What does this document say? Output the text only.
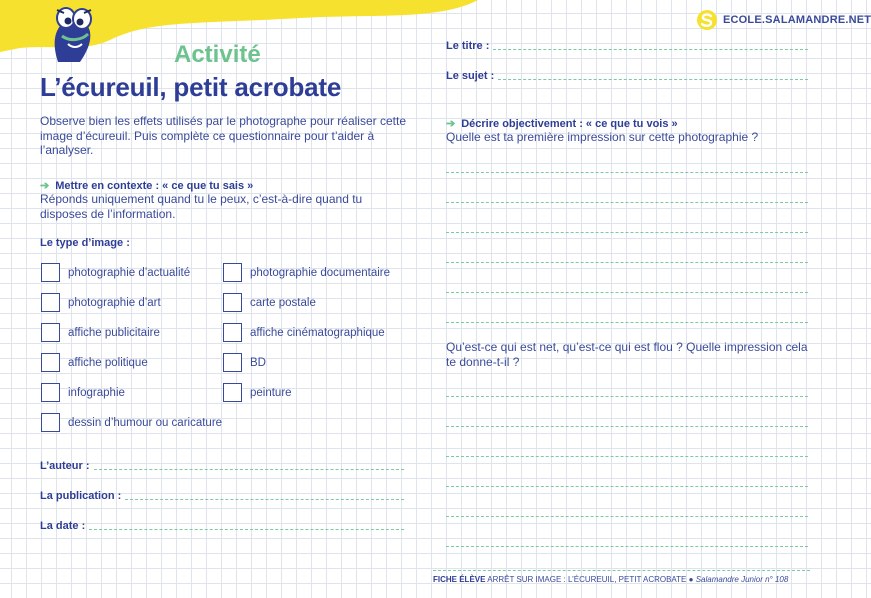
ECOLE.SALAMANDRE.NET
Activité
L’écureuil, petit acrobate

Observe bien les effets utilisés par le photographe pour réaliser cette image d’écureuil. Puis complète ce questionnaire pour t’aider à l’analyser.

➔ Mettre en contexte : « ce que tu sais »

Réponds uniquement quand tu le peux, c’est-à-dire quand tu disposes de l’information.

Le type d’image :
photographie d’actualité
photographie d’art
affiche publicitaire
affiche politique
infographie
dessin d’humour ou caricature
photographie documentaire
carte postale
affiche cinématographique
BD
peinture
L’auteur :
La publication :
La date :
Le titre :
Le sujet :
➔ Décrire objectivement : « ce que tu vois »

Quelle est ta première impression sur cette photographie ?

Qu’est-ce qui est net, qu’est-ce qui est flou ? Quelle impression cela
te donne-t-il ?

FICHE ÉLÈVE ARRÊT SUR IMAGE : L’ÉCUREUIL, PETIT ACROBATE ● Salamandre Junior n° 108
